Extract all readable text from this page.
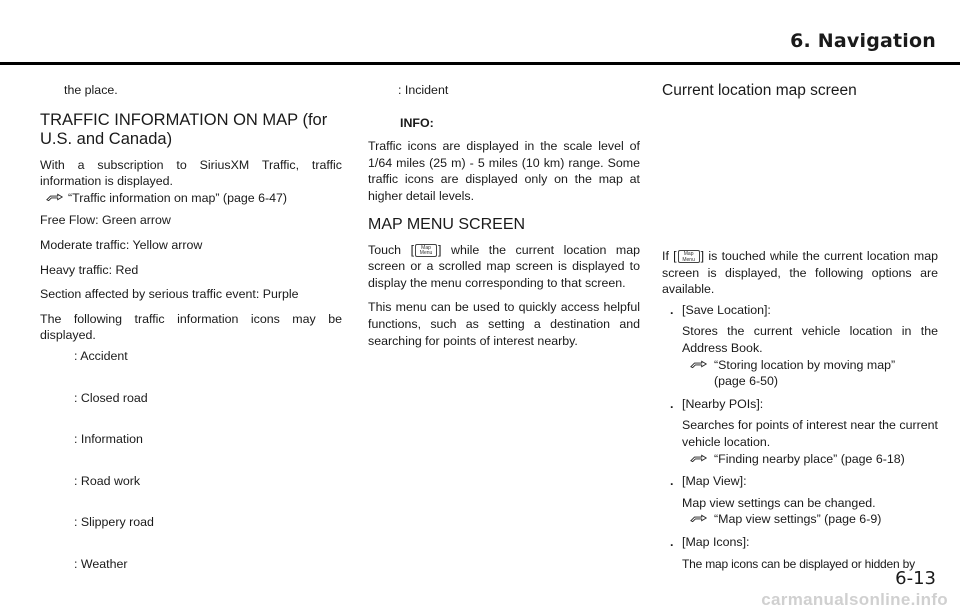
6. Navigation

the place.

TRAFFIC INFORMATION ON MAP (for U.S. and Canada)

With a subscription to SiriusXM Traffic, traffic information is displayed.

“Traffic information on map” (page 6-47)

Free Flow: Green arrow

Moderate traffic: Yellow arrow

Heavy traffic: Red

Section affected by serious traffic event: Purple

The following traffic information icons may be displayed.

: Accident
: Closed road
: Information
: Road work
: Slippery road
: Weather

: Incident

INFO:

Traffic icons are displayed in the scale level of 1/64 miles (25 m) - 5 miles (10 km) range. Some traffic icons are displayed only on the map at higher detail levels.

MAP MENU SCREEN

Touch [ Map
Menu ] while the current location map screen or a scrolled map screen is displayed to display the menu corresponding to that screen.

This menu can be used to quickly access helpful functions, such as setting a destination and searching for points of interest nearby.

Current location map screen

If [ Map
Menu ] is touched while the current location map screen is displayed, the following options are available.

. [Save Location]:

Stores the current vehicle location in the Address Book.

“Storing location by moving map” (page 6-50)
. [Nearby POIs]:

Searches for points of interest near the current vehicle location.

“Finding nearby place” (page 6-18)
. [Map View]:

Map view settings can be changed.

“Map view settings” (page 6-9)
. [Map Icons]:

The map icons can be displayed or hidden by

6-13
carmanualsonline.info
